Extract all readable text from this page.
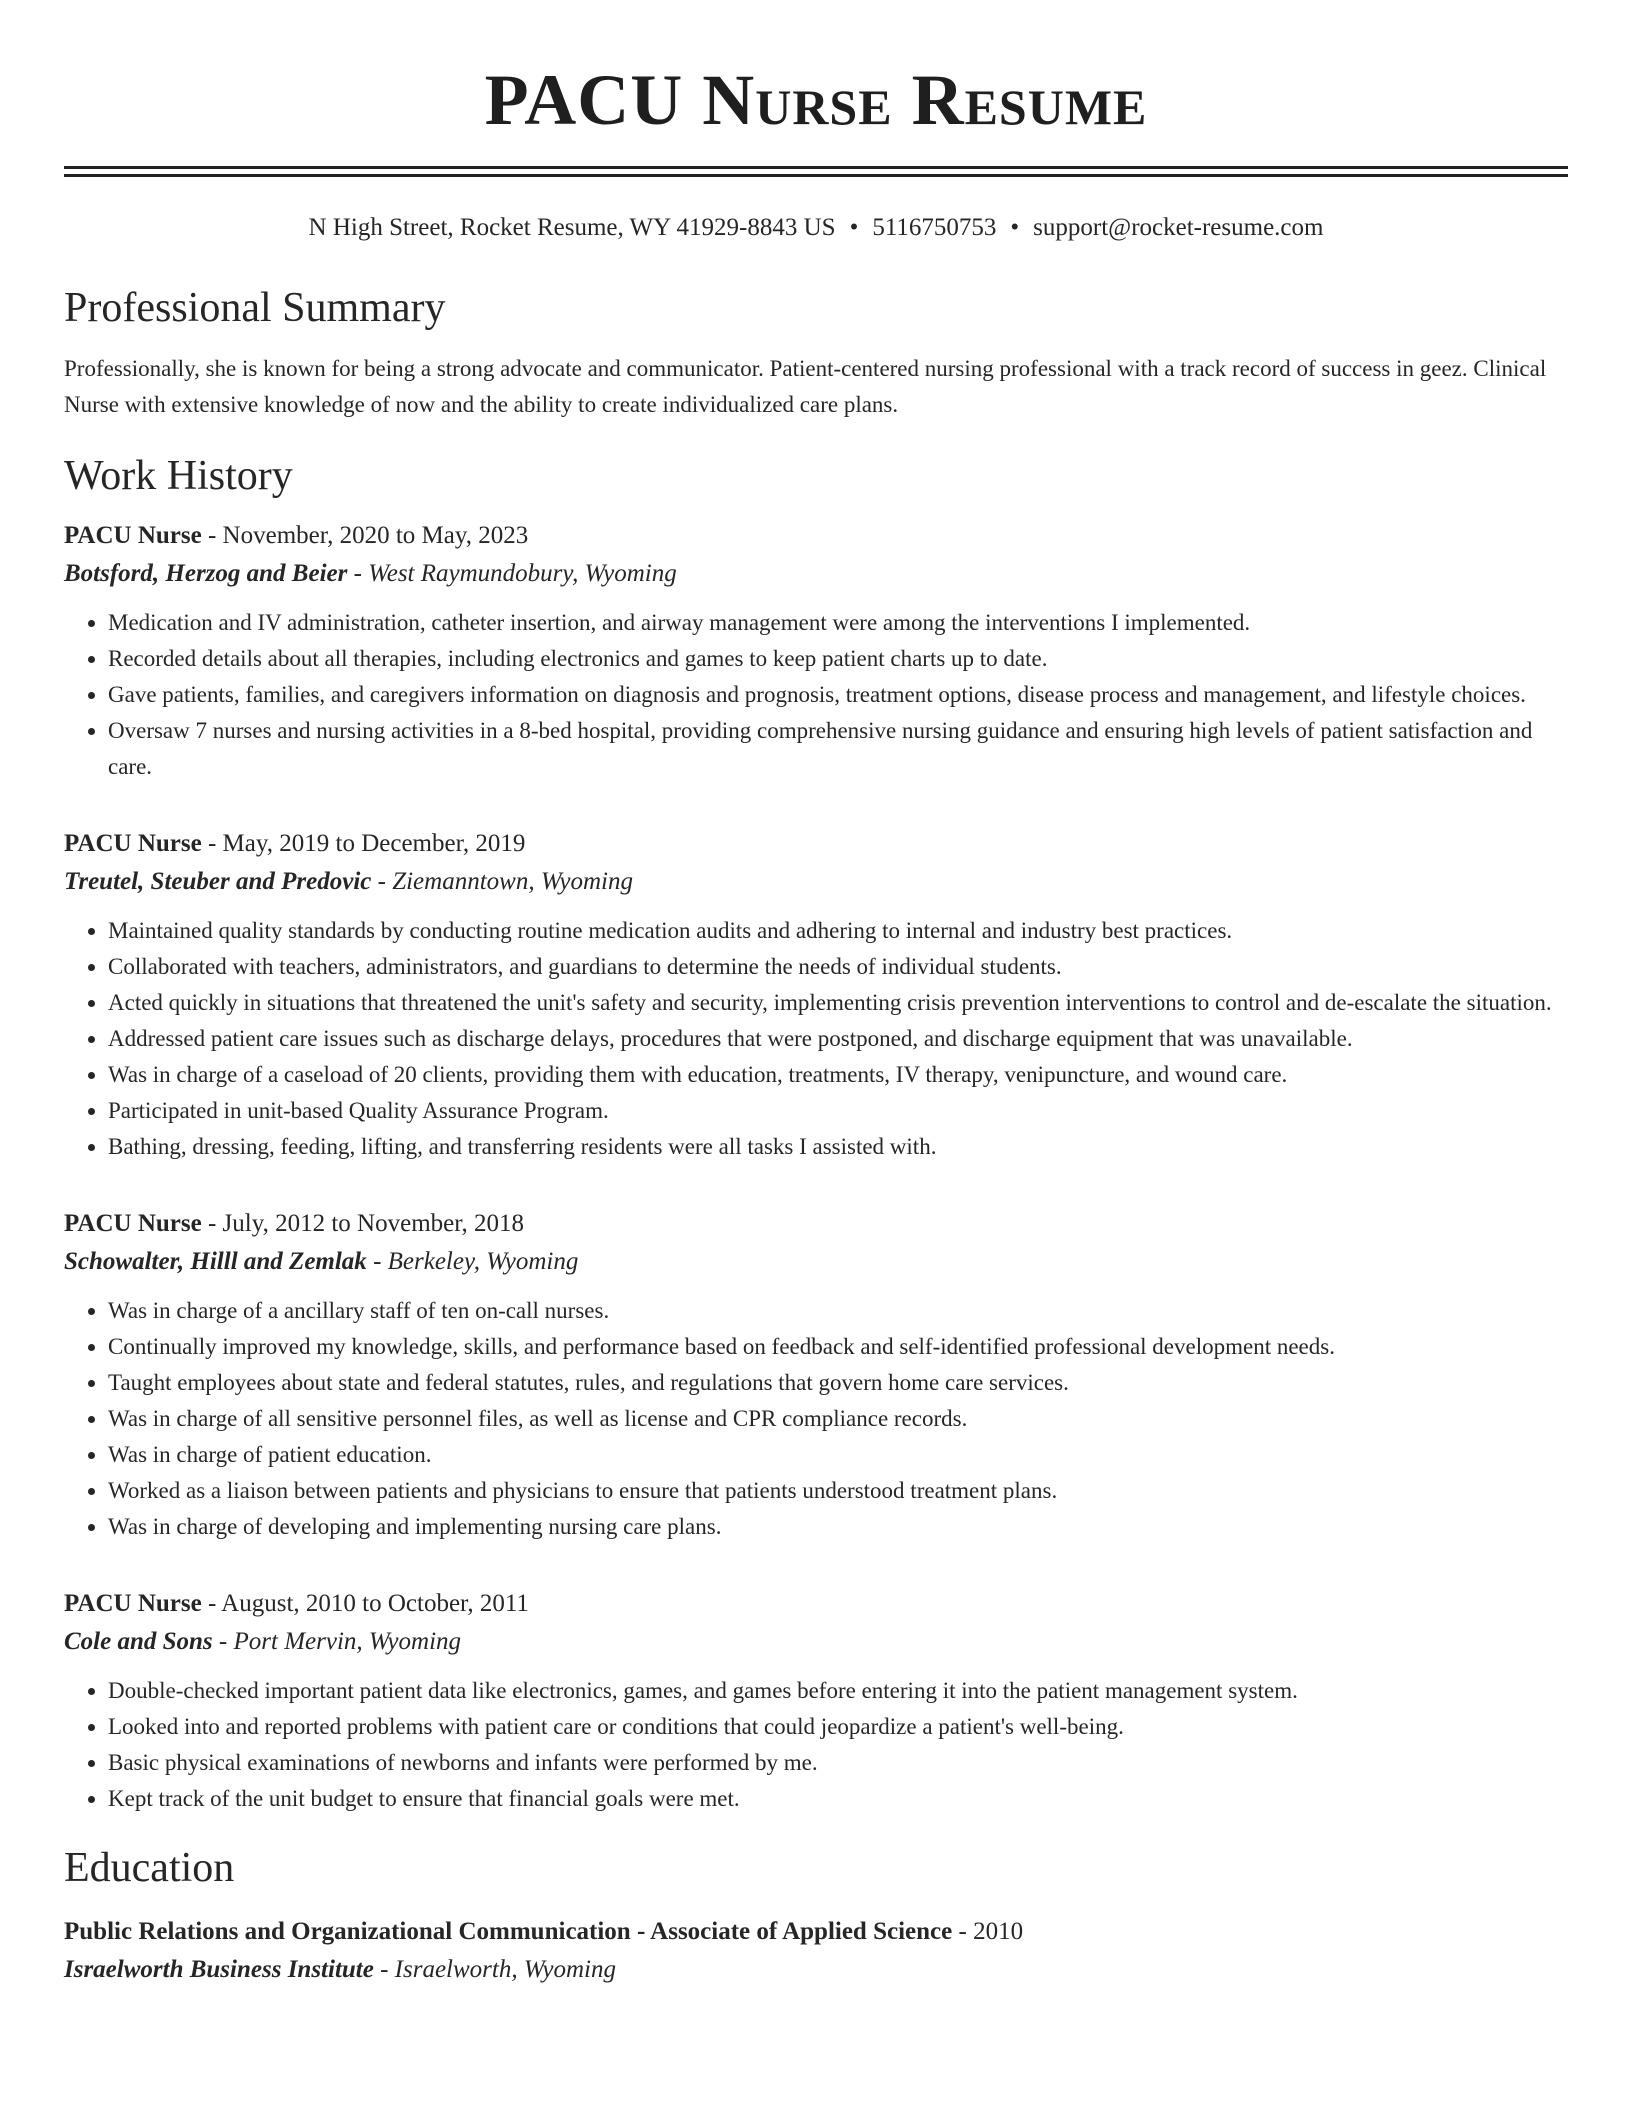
PACU Nurse Resume
N High Street, Rocket Resume, WY 41929-8843 US • 5116750753 • support@rocket-resume.com
Professional Summary

Professionally, she is known for being a strong advocate and communicator. Patient-centered nursing professional with a track record of success in geez. Clinical Nurse with extensive knowledge of now and the ability to create individualized care plans.

Work History
PACU Nurse - November, 2020 to May, 2023
Botsford, Herzog and Beier - West Raymundobury, Wyoming
• Medication and IV administration, catheter insertion, and airway management were among the interventions I implemented.
• Recorded details about all therapies, including electronics and games to keep patient charts up to date.
• Gave patients, families, and caregivers information on diagnosis and prognosis, treatment options, disease process and management, and lifestyle choices.
• Oversaw 7 nurses and nursing activities in a 8-bed hospital, providing comprehensive nursing guidance and ensuring high levels of patient satisfaction and care.
PACU Nurse - May, 2019 to December, 2019
Treutel, Steuber and Predovic - Ziemanntown, Wyoming
• Maintained quality standards by conducting routine medication audits and adhering to internal and industry best practices.
• Collaborated with teachers, administrators, and guardians to determine the needs of individual students.
• Acted quickly in situations that threatened the unit's safety and security, implementing crisis prevention interventions to control and de-escalate the situation.
• Addressed patient care issues such as discharge delays, procedures that were postponed, and discharge equipment that was unavailable.
• Was in charge of a caseload of 20 clients, providing them with education, treatments, IV therapy, venipuncture, and wound care.
• Participated in unit-based Quality Assurance Program.
• Bathing, dressing, feeding, lifting, and transferring residents were all tasks I assisted with.
PACU Nurse - July, 2012 to November, 2018
Schowalter, Hilll and Zemlak - Berkeley, Wyoming
• Was in charge of a ancillary staff of ten on-call nurses.
• Continually improved my knowledge, skills, and performance based on feedback and self-identified professional development needs.
• Taught employees about state and federal statutes, rules, and regulations that govern home care services.
• Was in charge of all sensitive personnel files, as well as license and CPR compliance records.
• Was in charge of patient education.
• Worked as a liaison between patients and physicians to ensure that patients understood treatment plans.
• Was in charge of developing and implementing nursing care plans.
PACU Nurse - August, 2010 to October, 2011
Cole and Sons - Port Mervin, Wyoming
• Double-checked important patient data like electronics, games, and games before entering it into the patient management system.
• Looked into and reported problems with patient care or conditions that could jeopardize a patient's well-being.
• Basic physical examinations of newborns and infants were performed by me.
• Kept track of the unit budget to ensure that financial goals were met.
Education
Public Relations and Organizational Communication - Associate of Applied Science - 2010
Israelworth Business Institute - Israelworth, Wyoming
